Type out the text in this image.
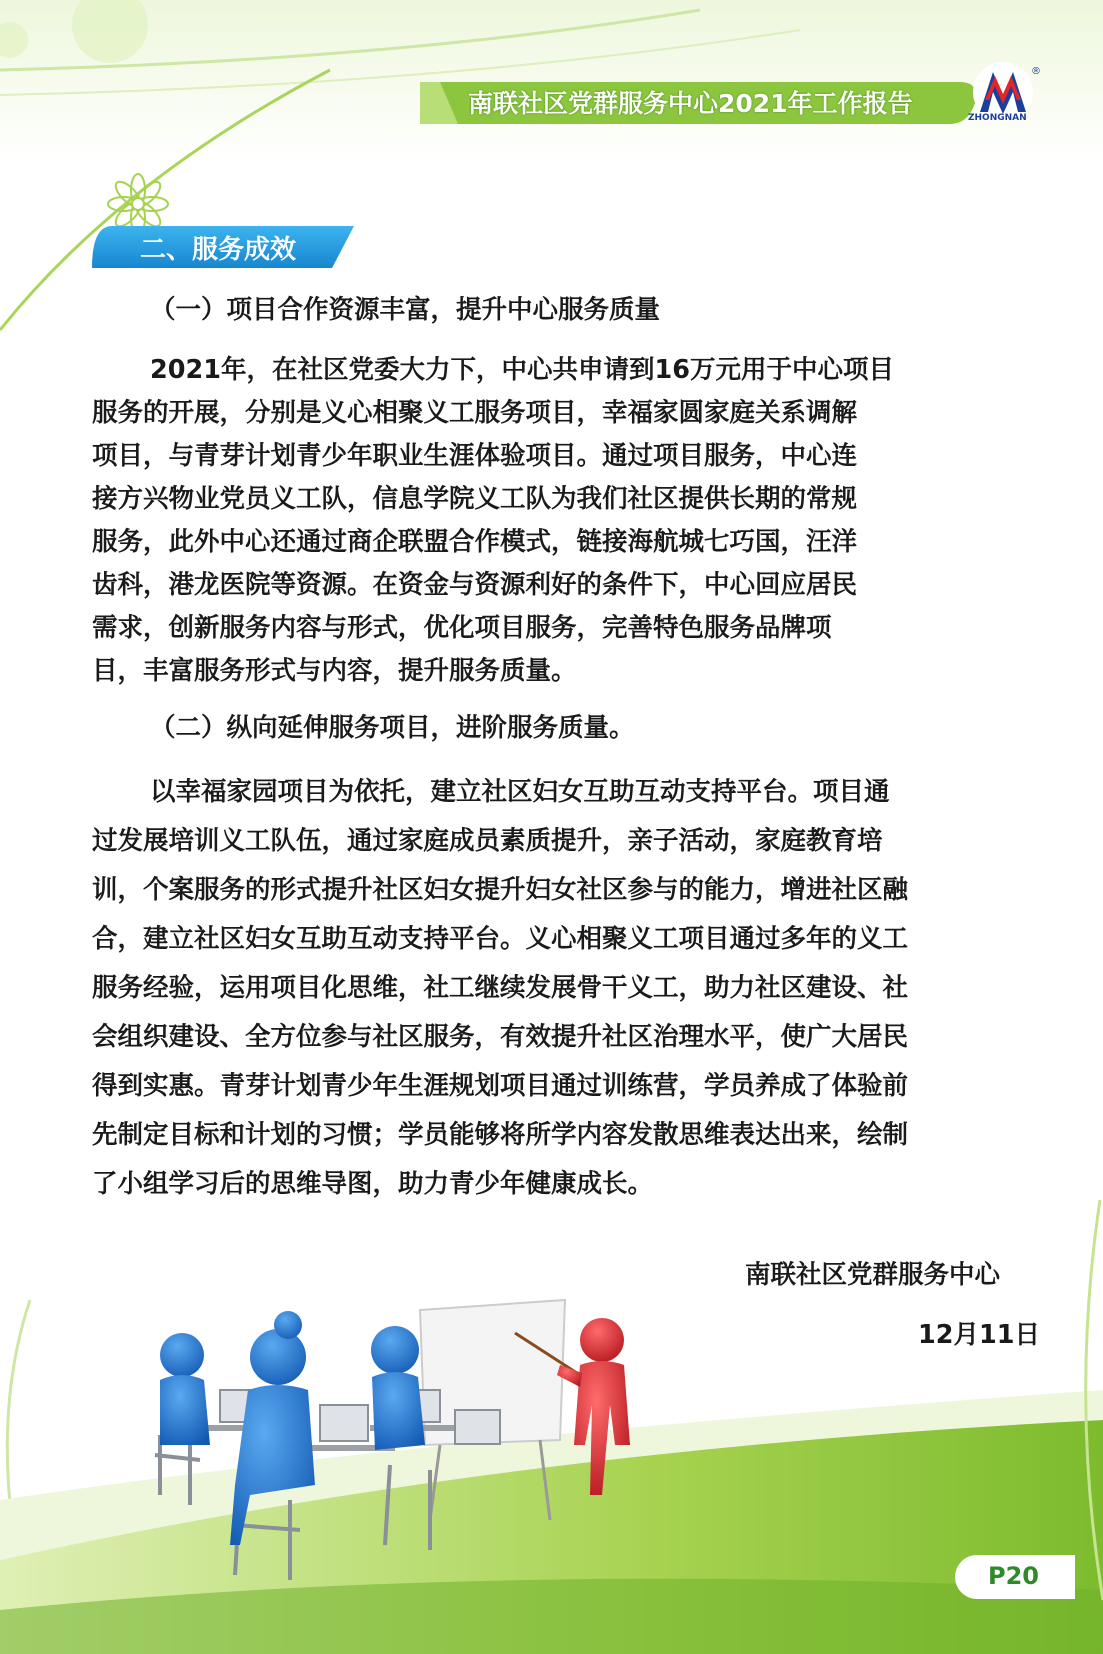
南联社区党群服务中心2021年工作报告
®
ZHONGNAN
二、服务成效
（一）项目合作资源丰富，提升中心服务质量
2021年，在社区党委大力下，中心共申请到16万元用于中心项目
服务的开展，分别是义心相聚义工服务项目，幸福家圆家庭关系调解
项目，与青芽计划青少年职业生涯体验项目。通过项目服务，中心连
接方兴物业党员义工队，信息学院义工队为我们社区提供长期的常规
服务，此外中心还通过商企联盟合作模式，链接海航城七巧国，汪洋
齿科，港龙医院等资源。在资金与资源利好的条件下，中心回应居民
需求，创新服务内容与形式，优化项目服务，完善特色服务品牌项
目，丰富服务形式与内容，提升服务质量。
（二）纵向延伸服务项目，进阶服务质量。
以幸福家园项目为依托，建立社区妇女互助互动支持平台。项目通
过发展培训义工队伍，通过家庭成员素质提升，亲子活动，家庭教育培
训，个案服务的形式提升社区妇女提升妇女社区参与的能力，增进社区融
合，建立社区妇女互助互动支持平台。义心相聚义工项目通过多年的义工
服务经验，运用项目化思维，社工继续发展骨干义工，助力社区建设、社
会组织建设、全方位参与社区服务，有效提升社区治理水平，使广大居民
得到实惠。青芽计划青少年生涯规划项目通过训练营，学员养成了体验前
先制定目标和计划的习惯；学员能够将所学内容发散思维表达出来，绘制
了小组学习后的思维导图，助力青少年健康成长。
南联社区党群服务中心
12月11日
P20
